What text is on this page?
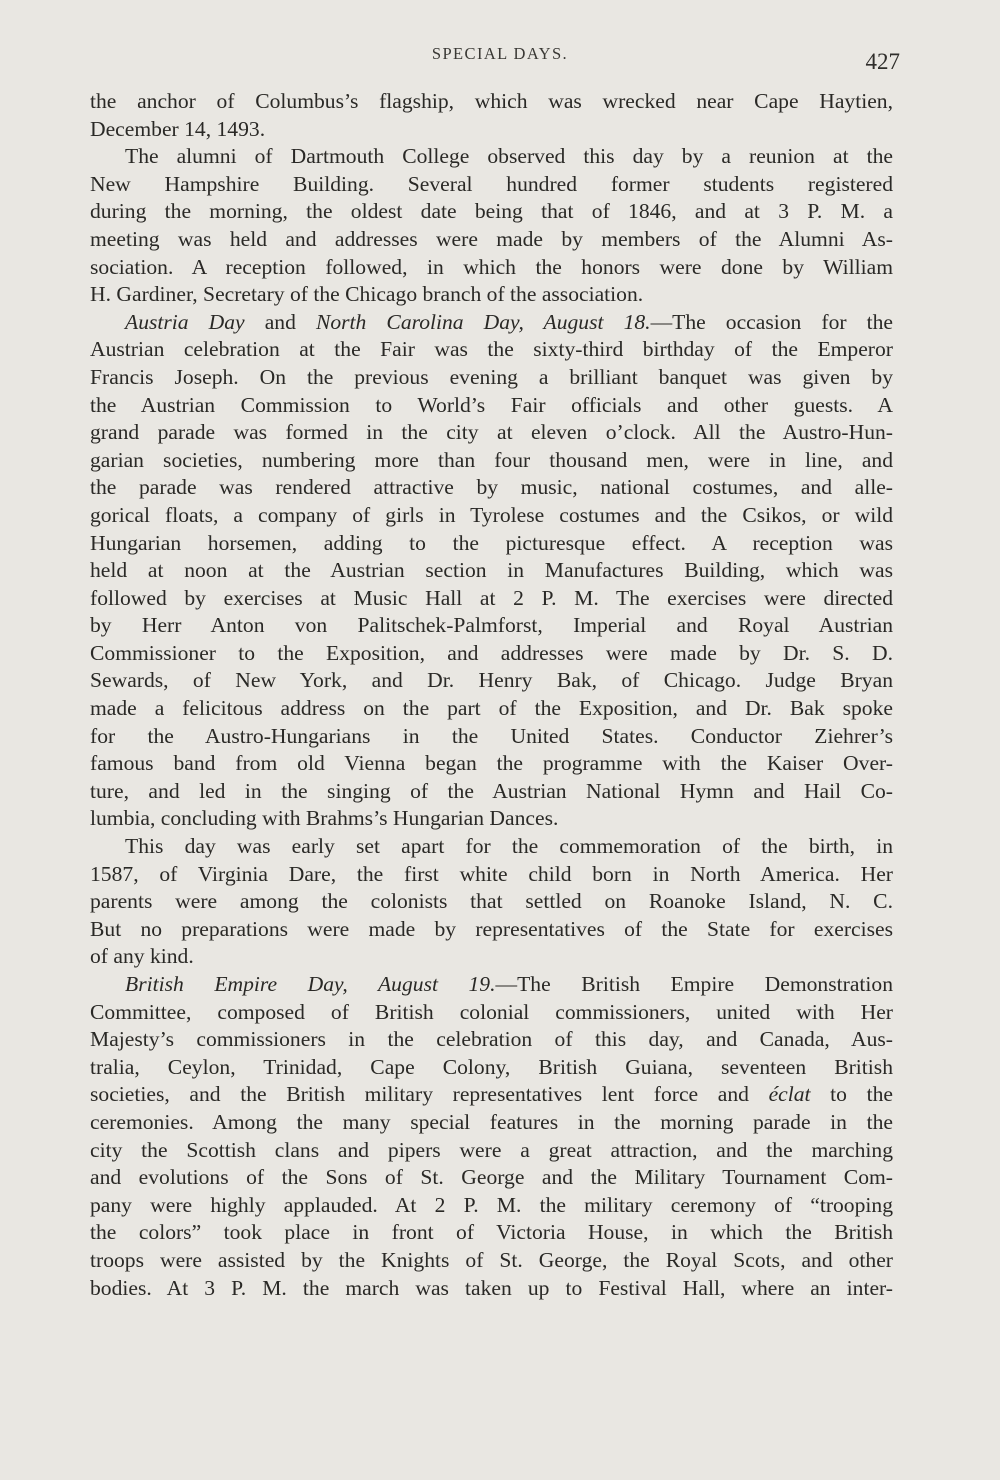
SPECIAL DAYS.	427
the anchor of Columbus’s flagship, which was wrecked near Cape Haytien,
December 14, 1493.
The alumni of Dartmouth College observed this day by a reunion at the
New Hampshire Building. Several hundred former students registered
during the morning, the oldest date being that of 1846, and at 3 P. M. a
meeting was held and addresses were made by members of the Alumni As-
sociation. A reception followed, in which the honors were done by William
H. Gardiner, Secretary of the Chicago branch of the association.
Austria Day and North Carolina Day, August 18.—The occasion for the
Austrian celebration at the Fair was the sixty-third birthday of the Emperor
Francis Joseph. On the previous evening a brilliant banquet was given by
the Austrian Commission to World’s Fair officials and other guests. A
grand parade was formed in the city at eleven o’clock. All the Austro-Hun-
garian societies, numbering more than four thousand men, were in line, and
the parade was rendered attractive by music, national costumes, and alle-
gorical floats, a company of girls in Tyrolese costumes and the Csikos, or wild
Hungarian horsemen, adding to the picturesque effect. A reception was
held at noon at the Austrian section in Manufactures Building, which was
followed by exercises at Music Hall at 2 P. M. The exercises were directed
by Herr Anton von Palitschek-Palmforst, Imperial and Royal Austrian
Commissioner to the Exposition, and addresses were made by Dr. S. D.
Sewards, of New York, and Dr. Henry Bak, of Chicago. Judge Bryan
made a felicitous address on the part of the Exposition, and Dr. Bak spoke
for the Austro-Hungarians in the United States. Conductor Ziehrer’s
famous band from old Vienna began the programme with the Kaiser Over-
ture, and led in the singing of the Austrian National Hymn and Hail Co-
lumbia, concluding with Brahms’s Hungarian Dances.
This day was early set apart for the commemoration of the birth, in
1587, of Virginia Dare, the first white child born in North America. Her
parents were among the colonists that settled on Roanoke Island, N. C.
But no preparations were made by representatives of the State for exercises
of any kind.
British Empire Day, August 19.—The British Empire Demonstration
Committee, composed of British colonial commissioners, united with Her
Majesty’s commissioners in the celebration of this day, and Canada, Aus-
tralia, Ceylon, Trinidad, Cape Colony, British Guiana, seventeen British
societies, and the British military representatives lent force and éclat to the
ceremonies. Among the many special features in the morning parade in the
city the Scottish clans and pipers were a great attraction, and the marching
and evolutions of the Sons of St. George and the Military Tournament Com-
pany were highly applauded. At 2 P. M. the military ceremony of “trooping
the colors” took place in front of Victoria House, in which the British
troops were assisted by the Knights of St. George, the Royal Scots, and other
bodies. At 3 P. M. the march was taken up to Festival Hall, where an inter-
